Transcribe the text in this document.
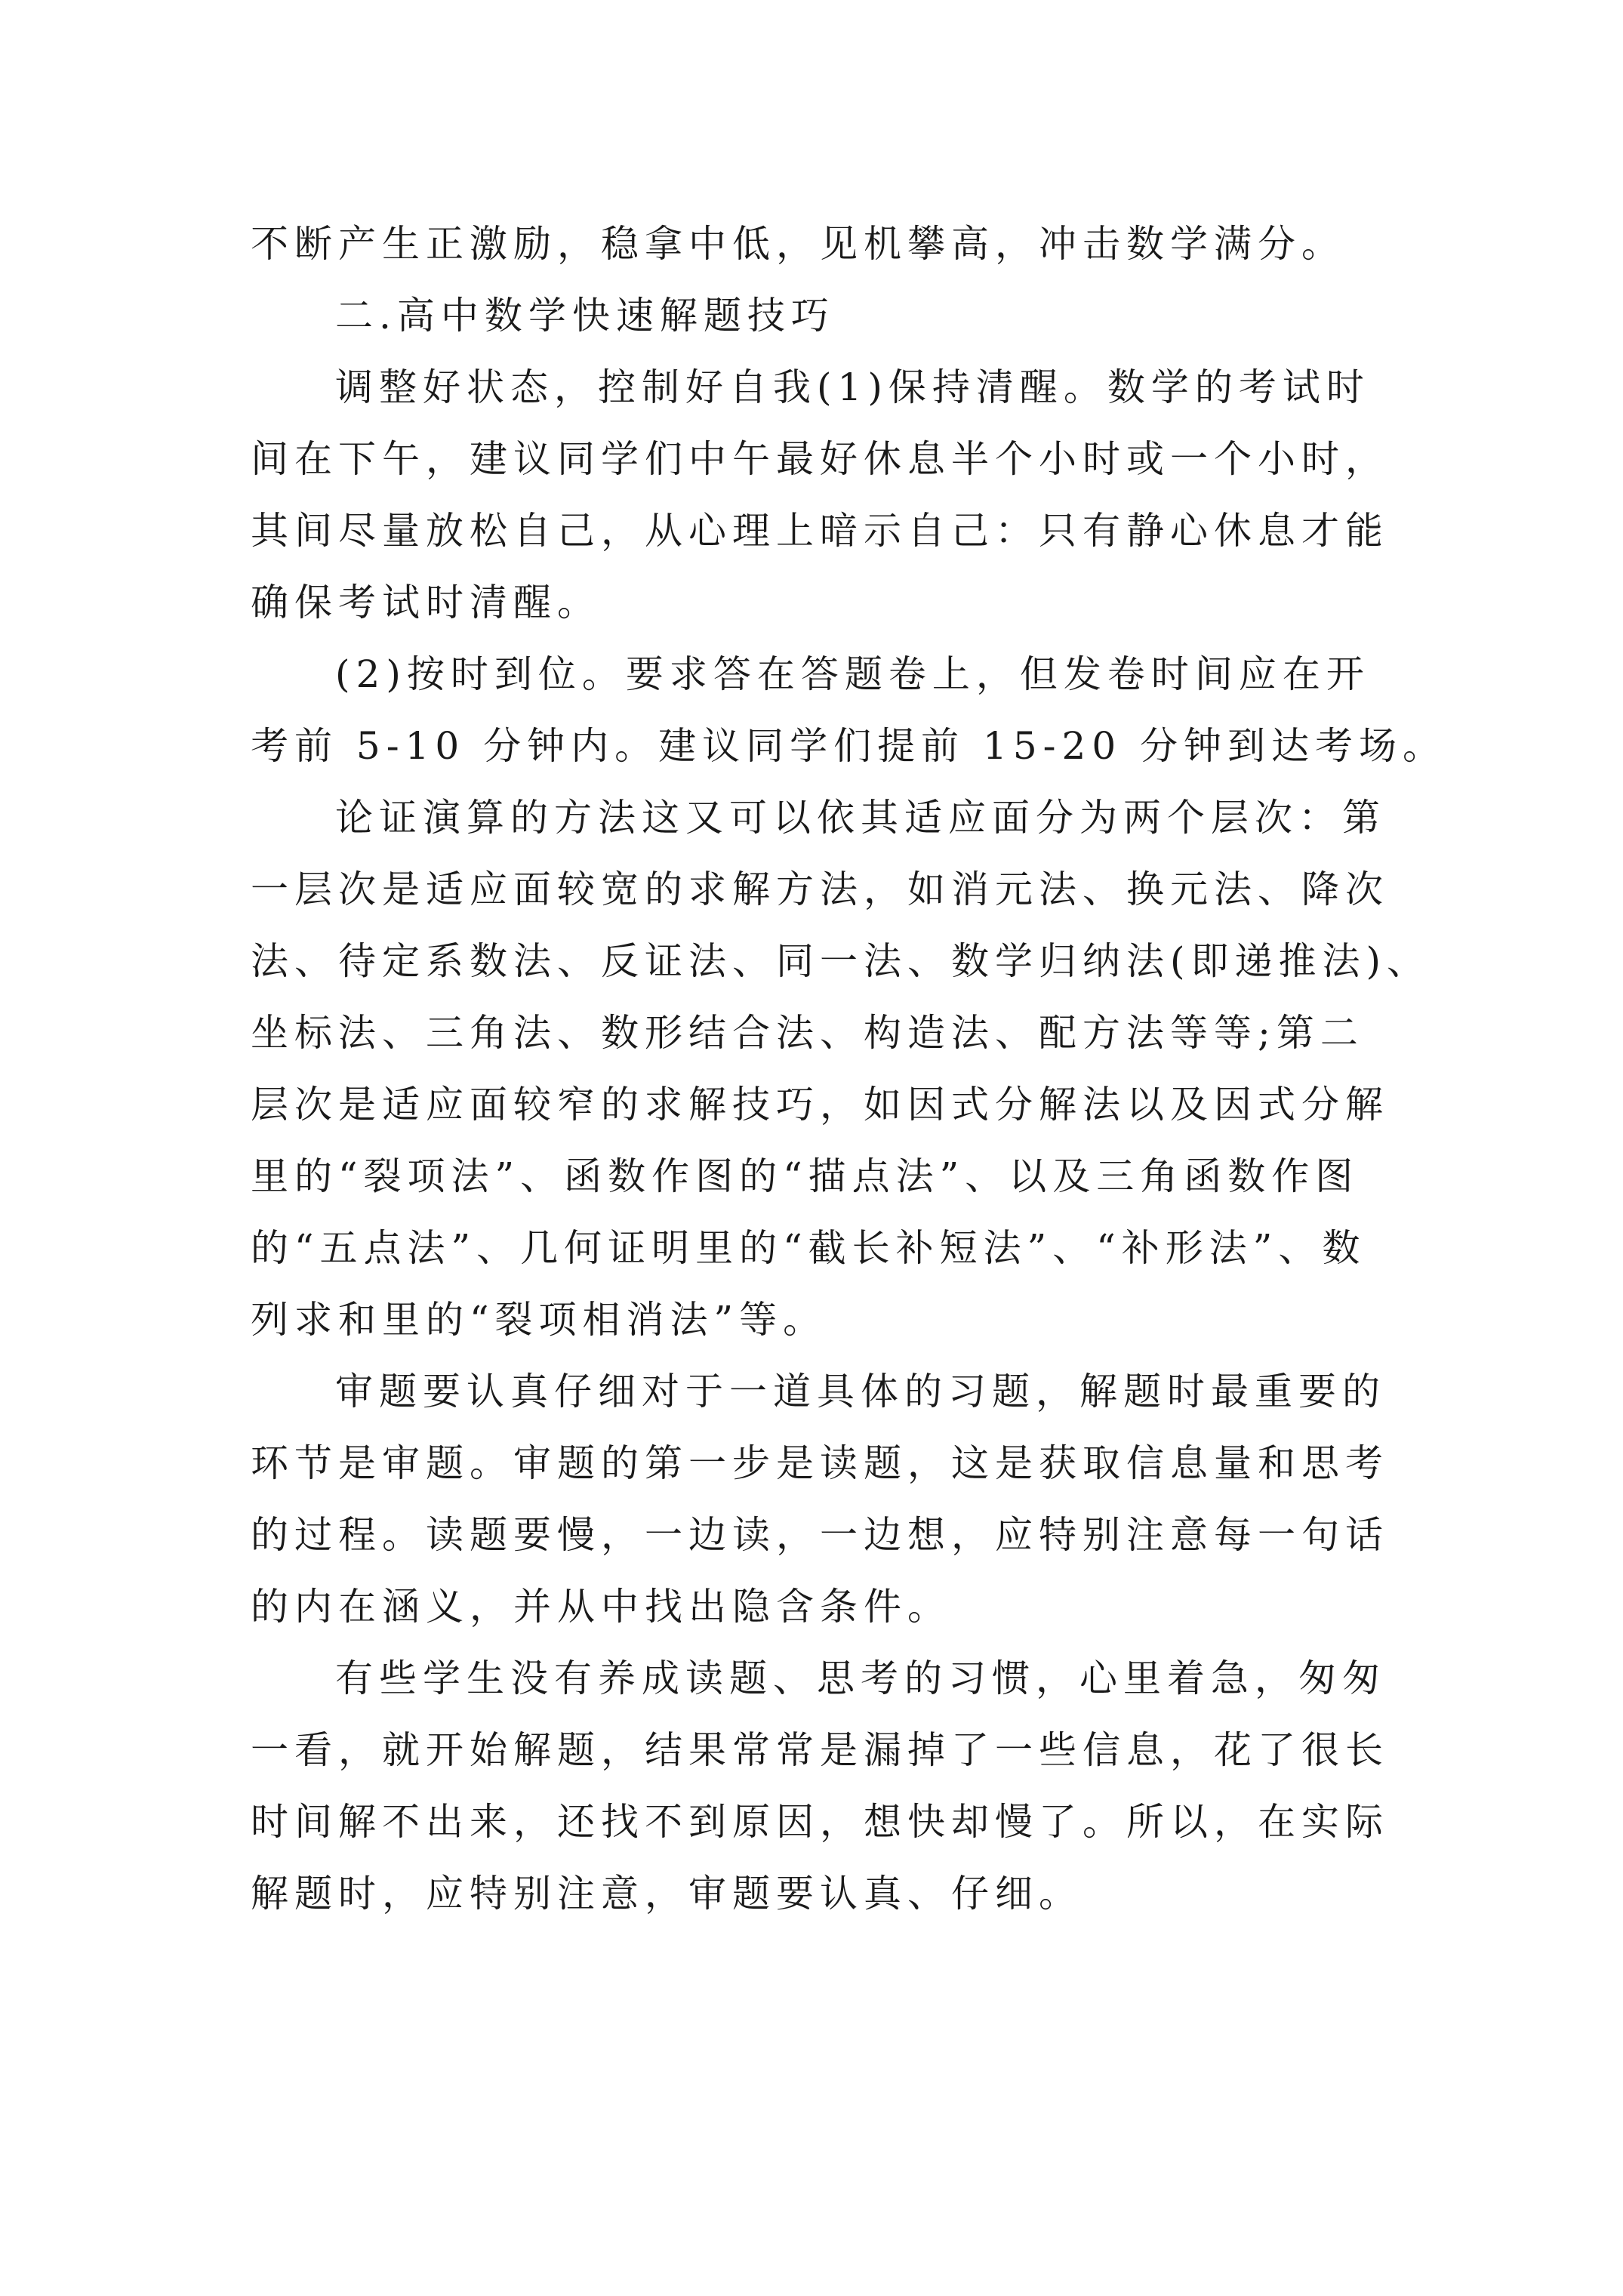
不断产生正激励，稳拿中低，见机攀高，冲击数学满分。
二.高中数学快速解题技巧
调整好状态，控制好自我(1)保持清醒。数学的考试时
间在下午，建议同学们中午最好休息半个小时或一个小时，
其间尽量放松自己，从心理上暗示自己：只有静心休息才能
确保考试时清醒。
(2)按时到位。要求答在答题卷上，但发卷时间应在开
考前 5-10 分钟内。建议同学们提前 15-20 分钟到达考场。
论证演算的方法这又可以依其适应面分为两个层次：第
一层次是适应面较宽的求解方法，如消元法、换元法、降次
法、待定系数法、反证法、同一法、数学归纳法(即递推法)、
坐标法、三角法、数形结合法、构造法、配方法等等;第二
层次是适应面较窄的求解技巧，如因式分解法以及因式分解
里的“裂项法”、函数作图的“描点法”、以及三角函数作图
的“五点法”、几何证明里的“截长补短法”、“补形法”、数
列求和里的“裂项相消法”等。
审题要认真仔细对于一道具体的习题，解题时最重要的
环节是审题。审题的第一步是读题，这是获取信息量和思考
的过程。读题要慢，一边读，一边想，应特别注意每一句话
的内在涵义，并从中找出隐含条件。
有些学生没有养成读题、思考的习惯，心里着急，匆匆
一看，就开始解题，结果常常是漏掉了一些信息，花了很长
时间解不出来，还找不到原因，想快却慢了。所以，在实际
解题时，应特别注意，审题要认真、仔细。
